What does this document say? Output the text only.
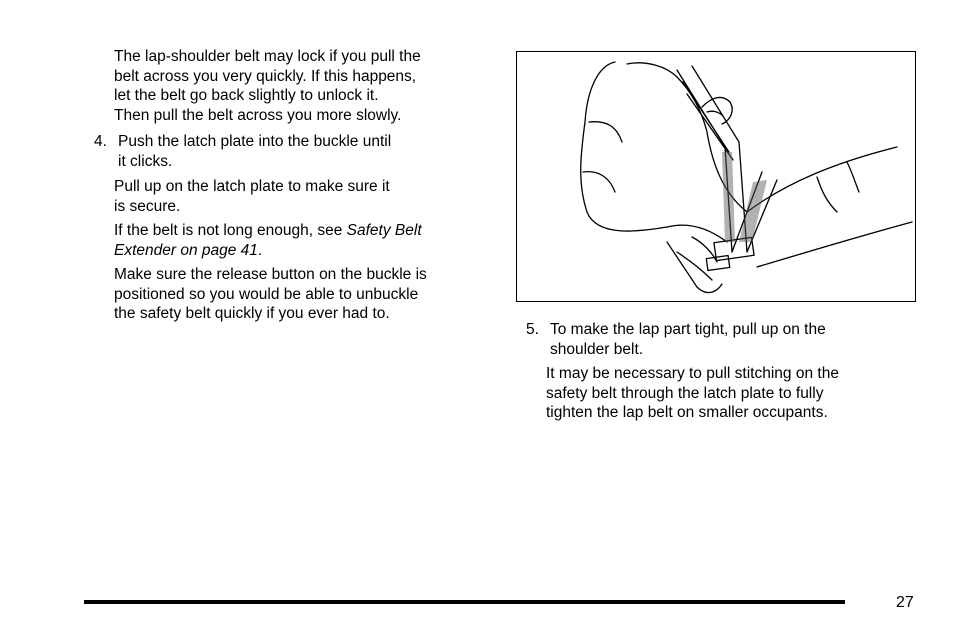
The lap-shoulder belt may lock if you pull the
belt across you very quickly. If this happens,
let the belt go back slightly to unlock it.
Then pull the belt across you more slowly.

4. Push the latch plate into the buckle until
it clicks.

Pull up on the latch plate to make sure it
is secure.

If the belt is not long enough, see Safety Belt
Extender on page 41.

Make sure the release button on the buckle is
positioned so you would be able to unbuckle
the safety belt quickly if you ever had to.

5. To make the lap part tight, pull up on the
shoulder belt.

It may be necessary to pull stitching on the
safety belt through the latch plate to fully
tighten the lap belt on smaller occupants.

27
